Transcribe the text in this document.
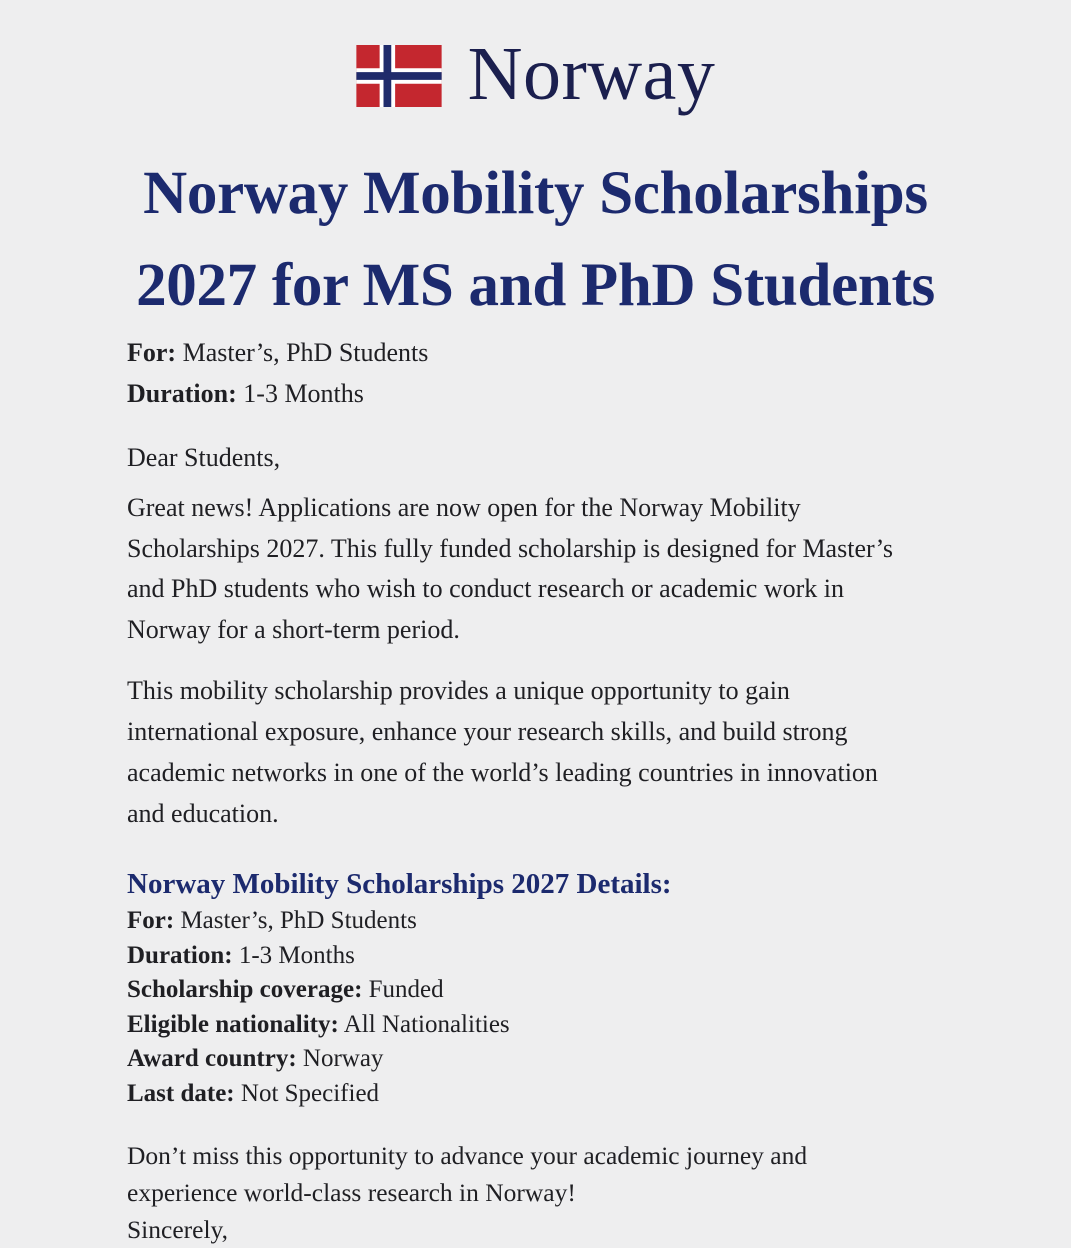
Norway
Norway Mobility Scholarships
2027 for MS and PhD Students
For: Master’s, PhD Students
Duration: 1-3 Months
Dear Students,
Great news! Applications are now open for the Norway Mobility Scholarships 2027. This fully funded scholarship is designed for Master’s and PhD students who wish to conduct research or academic work in Norway for a short-term period.
This mobility scholarship provides a unique opportunity to gain international exposure, enhance your research skills, and build strong academic networks in one of the world’s leading countries in innovation and education.
Norway Mobility Scholarships 2027 Details:
For: Master’s, PhD Students
Duration: 1-3 Months
Scholarship coverage: Funded
Eligible nationality: All Nationalities
Award country: Norway
Last date: Not Specified
Don’t miss this opportunity to advance your academic journey and experience world-class research in Norway!
Sincerely,
